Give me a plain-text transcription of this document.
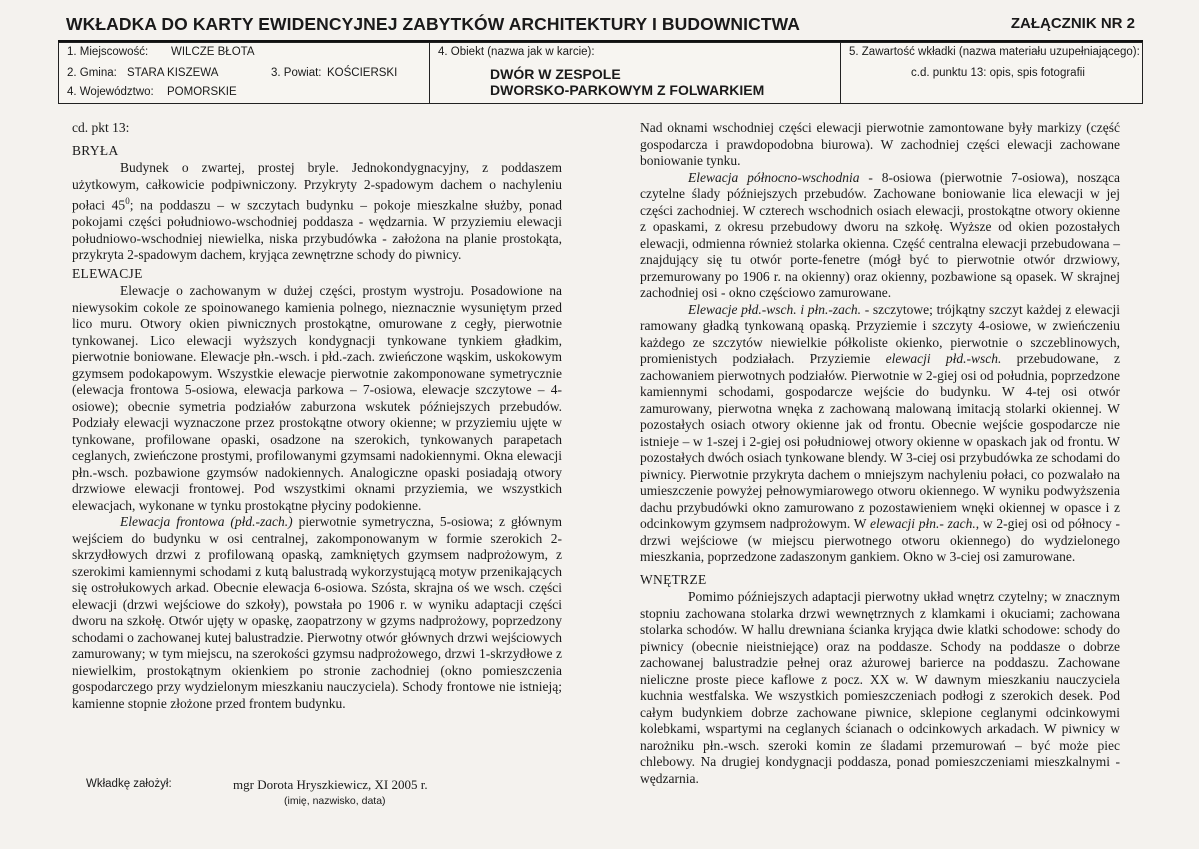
WKŁADKA DO KARTY EWIDENCYJNEJ ZABYTKÓW ARCHITEKTURY I BUDOWNICTWA	ZAŁĄCZNIK NR 2
1. Miejscowość: WILCZE BŁOTA
2. Gmina: STARA KISZEWA	3. Powiat: KOŚCIERSKI
4. Województwo: POMORSKIE
4. Obiekt (nazwa jak w karcie):
DWÓR W ZESPOLE
DWORSKO-PARKOWYM Z FOLWARKIEM
5. Zawartość wkładki (nazwa materiału uzupełniającego):
c.d. punktu 13: opis, spis fotografii

cd. pkt 13:

BRYŁA

Budynek o zwartej, prostej bryle. Jednokondygnacyjny, z poddaszem użytkowym, całkowicie podpiwniczony. Przykryty 2-spadowym dachem o nachyleniu połaci $45^0$; na poddaszu – w szczytach budynku – pokoje mieszkalne służby, ponad pokojami części południowo-wschodniej poddasza - wędzarnia. W przyziemiu elewacji południowo-wschodniej niewielka, niska przybudówka - założona na planie prostokąta, przykryta 2-spadowym dachem, kryjąca zewnętrzne schody do piwnicy.

ELEWACJE

Elewacje o zachowanym w dużej części, prostym wystroju. Posadowione na niewysokim cokole ze spoinowanego kamienia polnego, nieznacznie wysuniętym przed lico muru. Otwory okien piwnicznych prostokątne, omurowane z cegły, pierwotnie tynkowanej. Lico elewacji wyższych kondygnacji tynkowane tynkiem gładkim, pierwotnie boniowane. Elewacje płn.-wsch. i płd.-zach. zwieńczone wąskim, uskokowym gzymsem podokapowym. Wszystkie elewacje pierwotnie zakomponowane symetrycznie (elewacja frontowa 5-osiowa, elewacja parkowa – 7-osiowa, elewacje szczytowe – 4-osiowe); obecnie symetria podziałów zaburzona wskutek późniejszych przebudów. Podziały elewacji wyznaczone przez prostokątne otwory okienne; w przyziemiu ujęte w tynkowane, profilowane opaski, osadzone na szerokich, tynkowanych parapetach ceglanych, zwieńczone prostymi, profilowanymi gzymsami nadokiennymi. Okna elewacji płn.-wsch. pozbawione gzymsów nadokiennych. Analogiczne opaski posiadają otwory drzwiowe elewacji frontowej. Pod wszystkimi oknami przyziemia, we wszystkich elewacjach, wykonane w tynku prostokątne płyciny podokienne.

Elewacja frontowa (płd.-zach.) pierwotnie symetryczna, 5-osiowa; z głównym wejściem do budynku w osi centralnej, zakomponowanym w formie szerokich 2-skrzydłowych drzwi z profilowaną opaską, zamkniętych gzymsem nadprożowym, z szerokimi kamiennymi schodami z kutą balustradą wykorzystującą motyw przenikających się ostrołukowych arkad. Obecnie elewacja 6-osiowa. Szósta, skrajna oś we wsch. części elewacji (drzwi wejściowe do szkoły), powstała po 1906 r. w wyniku adaptacji części dworu na szkołę. Otwór ujęty w opaskę, zaopatrzony w gzyms nadprożowy, poprzedzony schodami o zachowanej kutej balustradzie. Pierwotny otwór głównych drzwi wejściowych zamurowany; w tym miejscu, na szerokości gzymsu nadprożowego, drzwi 1-skrzydłowe z niewielkim, prostokątnym okienkiem po stronie zachodniej (okno pomieszczenia gospodarczego przy wydzielonym mieszkaniu nauczyciela). Schody frontowe nie istnieją; kamienne stopnie złożone przed frontem budynku.

Nad oknami wschodniej części elewacji pierwotnie zamontowane były markizy (część gospodarcza i prawdopodobna biurowa). W zachodniej części elewacji zachowane boniowanie tynku.

Elewacja północno-wschodnia - 8-osiowa (pierwotnie 7-osiowa), nosząca czytelne ślady późniejszych przebudów. Zachowane boniowanie lica elewacji w jej części zachodniej. W czterech wschodnich osiach elewacji, prostokątne otwory okienne z opaskami, z okresu przebudowy dworu na szkołę. Wyższe od okien pozostałych elewacji, odmienna również stolarka okienna. Część centralna elewacji przebudowana – znajdujący się tu otwór porte-fenetre (mógł być to pierwotnie otwór drzwiowy, przemurowany po 1906 r. na okienny) oraz okienny, pozbawione są opasek. W skrajnej zachodniej osi - okno częściowo zamurowane.

Elewacje płd.-wsch. i płn.-zach. - szczytowe; trójkątny szczyt każdej z elewacji ramowany gładką tynkowaną opaską. Przyziemie i szczyty 4-osiowe, w zwieńczeniu każdego ze szczytów niewielkie półkoliste okienko, pierwotnie o szczeblinowych, promienistych podziałach. Przyziemie elewacji płd.-wsch. przebudowane, z zachowaniem pierwotnych podziałów. Pierwotnie w 2-giej osi od południa, poprzedzone kamiennymi schodami, gospodarcze wejście do budynku. W 4-tej osi otwór zamurowany, pierwotna wnęka z zachowaną malowaną imitacją stolarki okiennej. W pozostałych osiach otwory okienne jak od frontu. Obecnie wejście gospodarcze nie istnieje – w 1-szej i 2-giej osi południowej otwory okienne w opaskach jak od frontu. W pozostałych dwóch osiach tynkowane blendy. W 3-ciej osi przybudówka ze schodami do piwnicy. Pierwotnie przykryta dachem o mniejszym nachyleniu połaci, co pozwalało na umieszczenie powyżej pełnowymiarowego otworu okiennego. W wyniku podwyższenia dachu przybudówki okno zamurowano z pozostawieniem wnęki okiennej w opasce i z odcinkowym gzymsem nadprożowym. W elewacji płn.- zach., w 2-giej osi od północy - drzwi wejściowe (w miejscu pierwotnego otworu okiennego) do wydzielonego mieszkania, poprzedzone zadaszonym gankiem. Okno w 3-ciej osi zamurowane.

WNĘTRZE

Pomimo późniejszych adaptacji pierwotny układ wnętrz czytelny; w znacznym stopniu zachowana stolarka drzwi wewnętrznych z klamkami i okuciami; zachowana stolarka schodów. W hallu drewniana ścianka kryjąca dwie klatki schodowe: schody do piwnicy (obecnie nieistniejące) oraz na poddasze. Schody na poddasze o dobrze zachowanej balustradzie pełnej oraz ażurowej barierce na poddaszu. Zachowane nieliczne proste piece kaflowe z pocz. XX w. W dawnym mieszkaniu nauczyciela kuchnia westfalska. We wszystkich pomieszczeniach podłogi z szerokich desek. Pod całym budynkiem dobrze zachowane piwnice, sklepione ceglanymi odcinkowymi kolebkami, wspartymi na ceglanych ścianach o odcinkowych arkadach. W piwnicy w narożniku płn.-wsch. szeroki komin ze śladami przemurowań – być może piec chlebowy. Na drugiej kondygnacji poddasza, ponad pomieszczeniami mieszkalnymi - wędzarnia.

Wkładkę założył:	mgr Dorota Hryszkiewicz, XI 2005 r.
(imię, nazwisko, data)
